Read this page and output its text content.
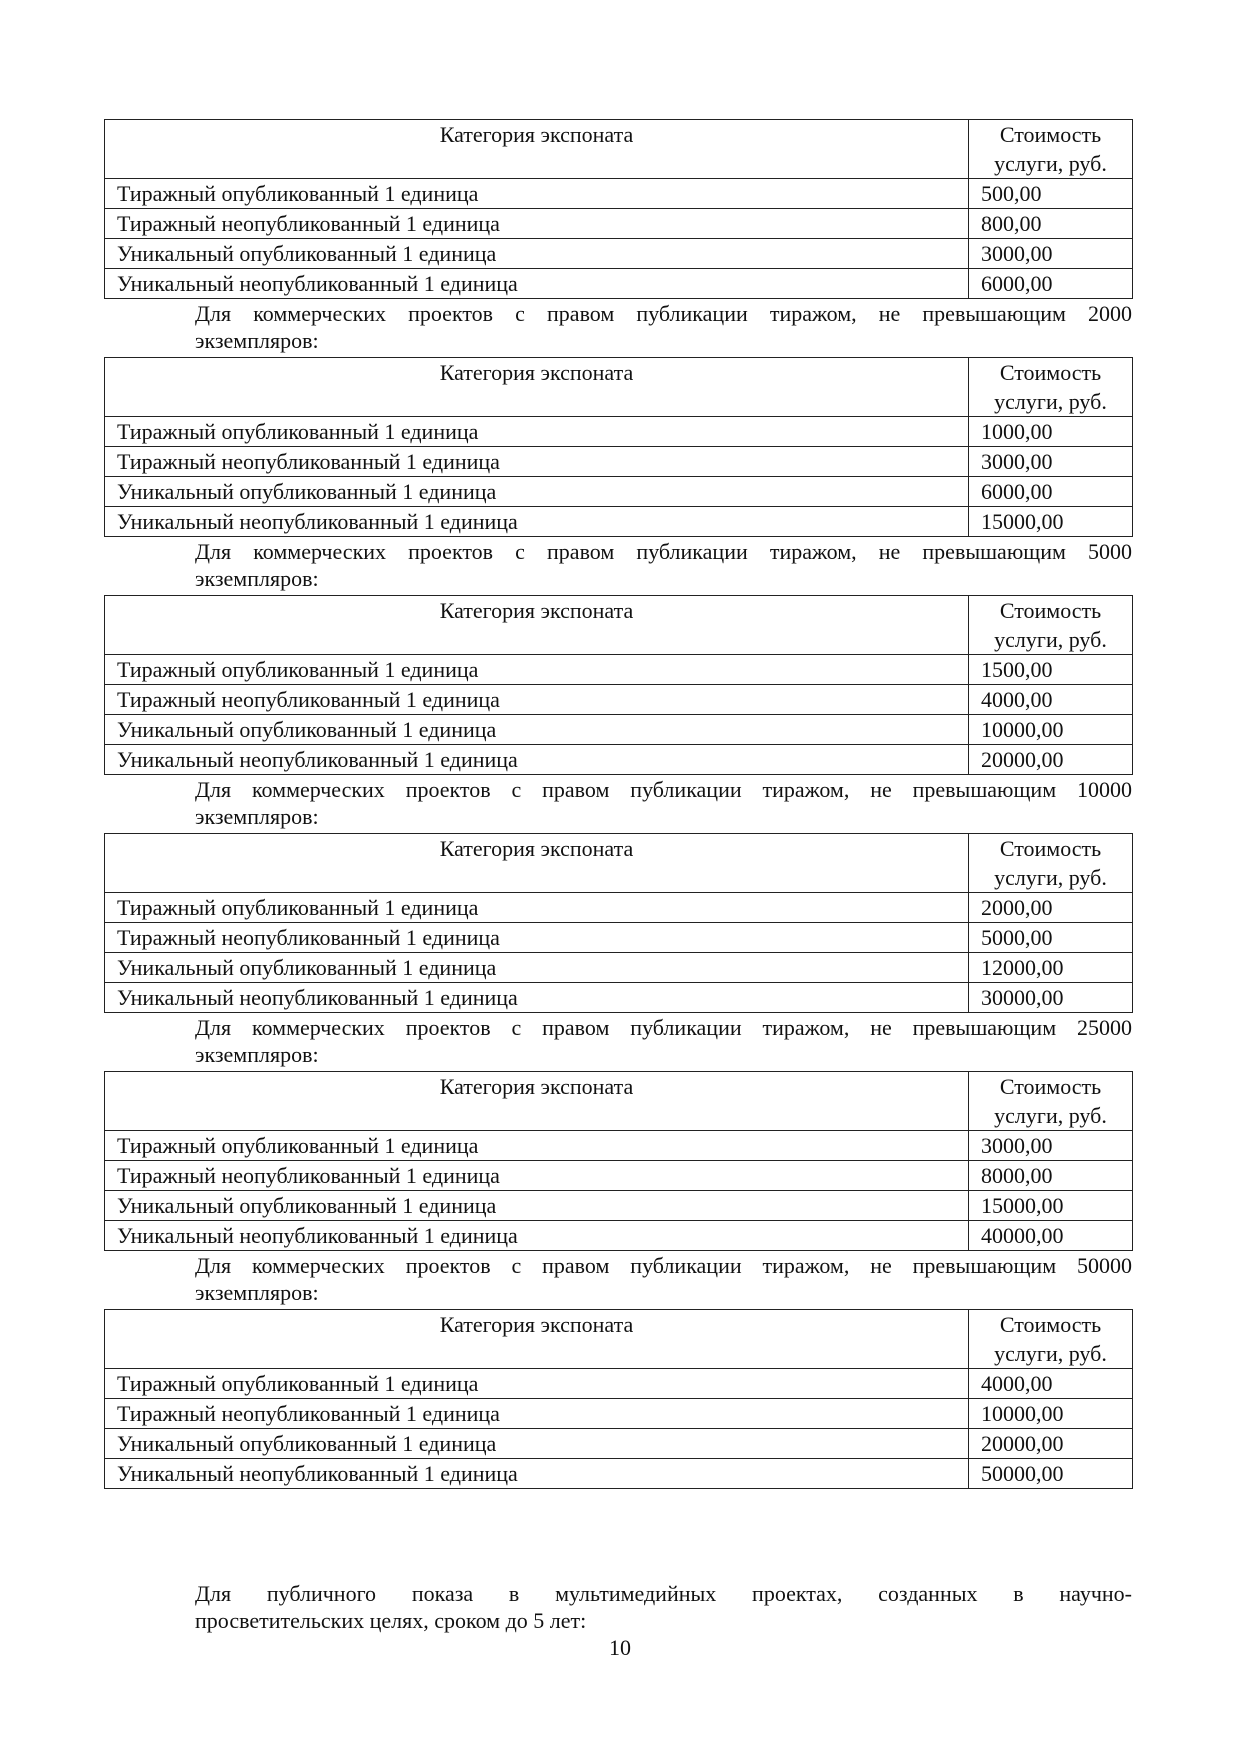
Категория экспоната	Стоимость
услуги, руб.
Тиражный опубликованный 1 единица	500,00
Тиражный неопубликованный 1 единица	800,00
Уникальный опубликованный 1 единица	3000,00
Уникальный неопубликованный 1 единица	6000,00
Для коммерческих проектов с правом публикации тиражом, не превышающим 2000
экземпляров:
Категория экспоната	Стоимость
услуги, руб.
Тиражный опубликованный 1 единица	1000,00
Тиражный неопубликованный 1 единица	3000,00
Уникальный опубликованный 1 единица	6000,00
Уникальный неопубликованный 1 единица	15000,00
Для коммерческих проектов с правом публикации тиражом, не превышающим 5000
экземпляров:
Категория экспоната	Стоимость
услуги, руб.
Тиражный опубликованный 1 единица	1500,00
Тиражный неопубликованный 1 единица	4000,00
Уникальный опубликованный 1 единица	10000,00
Уникальный неопубликованный 1 единица	20000,00
Для коммерческих проектов с правом публикации тиражом, не превышающим 10000
экземпляров:
Категория экспоната	Стоимость
услуги, руб.
Тиражный опубликованный 1 единица	2000,00
Тиражный неопубликованный 1 единица	5000,00
Уникальный опубликованный 1 единица	12000,00
Уникальный неопубликованный 1 единица	30000,00
Для коммерческих проектов с правом публикации тиражом, не превышающим 25000
экземпляров:
Категория экспоната	Стоимость
услуги, руб.
Тиражный опубликованный 1 единица	3000,00
Тиражный неопубликованный 1 единица	8000,00
Уникальный опубликованный 1 единица	15000,00
Уникальный неопубликованный 1 единица	40000,00
Для коммерческих проектов с правом публикации тиражом, не превышающим 50000
экземпляров:
Категория экспоната	Стоимость
услуги, руб.
Тиражный опубликованный 1 единица	4000,00
Тиражный неопубликованный 1 единица	10000,00
Уникальный опубликованный 1 единица	20000,00
Уникальный неопубликованный 1 единица	50000,00
Для публичного показа в мультимедийных проектах, созданных в научно-
просветительских целях, сроком до 5 лет:
10
